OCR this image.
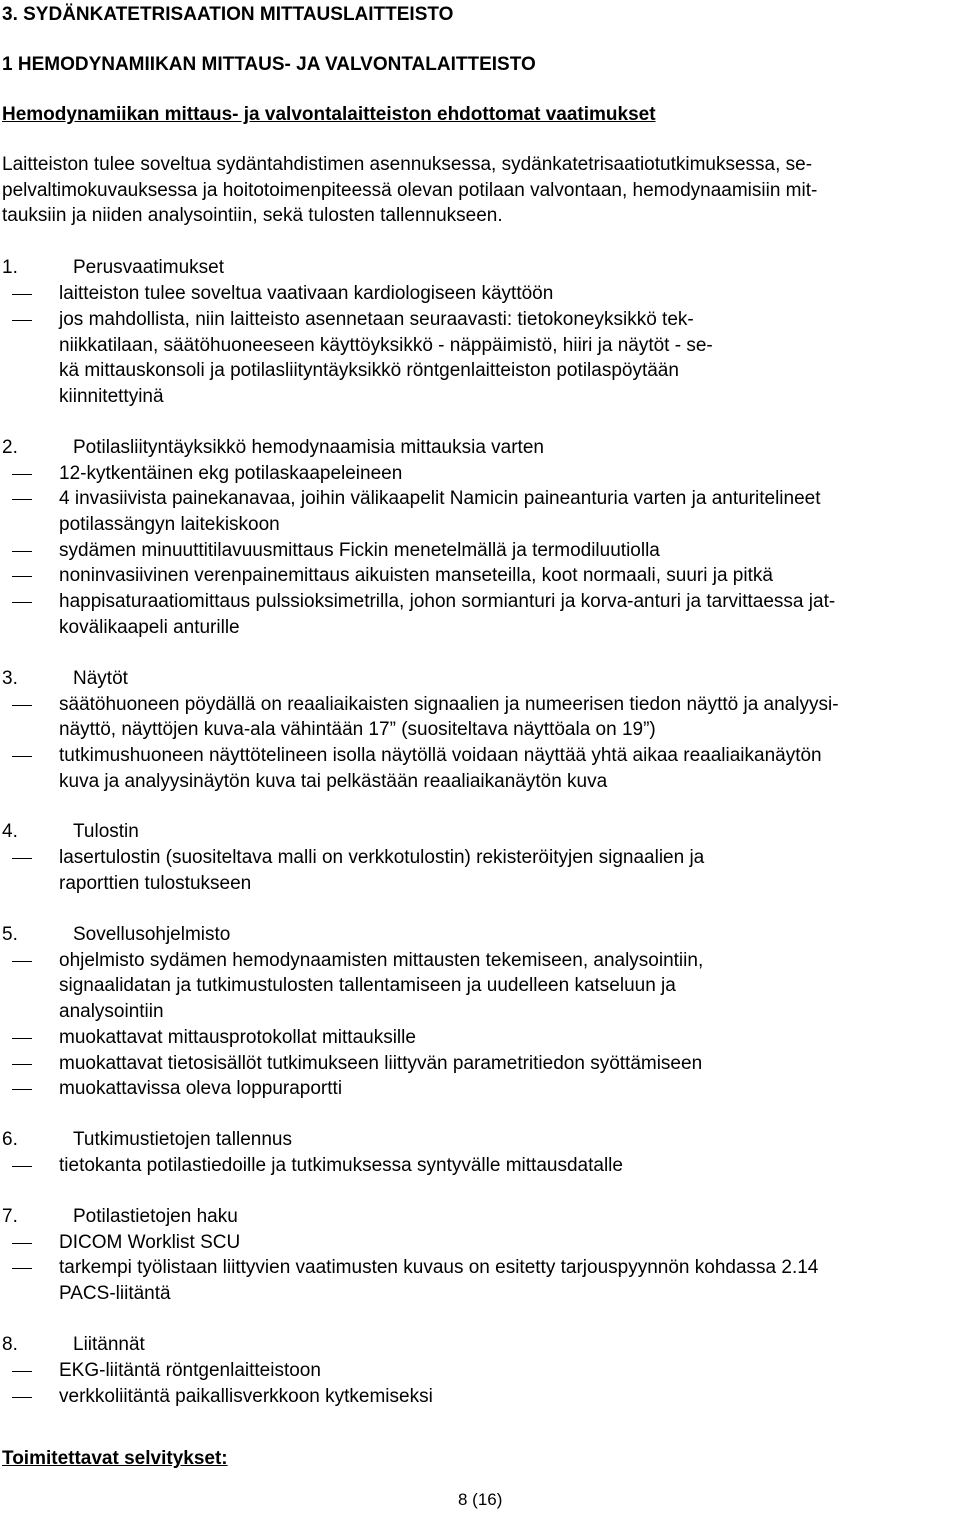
3. SYDÄNKATETRISAATION MITTAUSLAITTEISTO
1 HEMODYNAMIIKAN MITTAUS- JA VALVONTALAITTEISTO
Hemodynamiikan mittaus- ja valvontalaitteiston ehdottomat vaatimukset
Laitteiston tulee soveltua sydäntahdistimen asennuksessa, sydänkatetrisaatiotutkimuksessa, se-
pelvaltimokuvauksessa ja hoitotoimenpiteessä olevan potilaan valvontaan, hemodynaamisiin mit-
tauksiin ja niiden analysointiin, sekä tulosten tallennukseen.
1.	Perusvaatimukset
laitteiston tulee soveltua vaativaan kardiologiseen käyttöön
jos mahdollista, niin laitteisto asennetaan seuraavasti: tietokoneyksikkö tek-
niikkatilaan, säätöhuoneeseen käyttöyksikkö - näppäimistö, hiiri ja näytöt - se-
kä mittauskonsoli ja potilasliityntäyksikkö röntgenlaitteiston potilaspöytään
kiinnitettyinä
2.	Potilasliityntäyksikkö hemodynaamisia mittauksia varten
12-kytkentäinen ekg potilaskaapeleineen
4 invasiivista painekanavaa, joihin välikaapelit Namicin paineanturia varten ja anturitelineet
potilassängyn laitekiskoon
sydämen minuuttitilavuusmittaus Fickin menetelmällä ja termodiluutiolla
noninvasiivinen verenpainemittaus aikuisten manseteilla, koot normaali, suuri ja pitkä
happisaturaatiomittaus pulssioksimetrilla, johon sormianturi ja korva-anturi ja tarvittaessa jat-
kovälikaapeli anturille
3.	Näytöt
säätöhuoneen pöydällä on reaaliaikaisten signaalien ja numeerisen tiedon näyttö ja analyysi-
näyttö, näyttöjen kuva-ala vähintään 17” (suositeltava näyttöala on 19”)
tutkimushuoneen näyttötelineen isolla näytöllä voidaan näyttää yhtä aikaa reaaliaikanäytön
kuva ja analyysinäytön kuva tai pelkästään reaaliaikanäytön kuva
4.	Tulostin
lasertulostin (suositeltava malli on verkkotulostin) rekisteröityjen signaalien ja
raporttien tulostukseen
5.	Sovellusohjelmisto
ohjelmisto sydämen hemodynaamisten mittausten tekemiseen, analysointiin,
signaalidatan ja tutkimustulosten tallentamiseen ja uudelleen katseluun ja
analysointiin
muokattavat mittausprotokollat mittauksille
muokattavat tietosisällöt tutkimukseen liittyvän parametritiedon syöttämiseen
muokattavissa oleva loppuraportti
6.	Tutkimustietojen tallennus
tietokanta potilastiedoille ja tutkimuksessa syntyvälle mittausdatalle
7.	Potilastietojen haku
DICOM Worklist SCU
tarkempi työlistaan liittyvien vaatimusten kuvaus on esitetty tarjouspyynnön kohdassa 2.14
PACS-liitäntä
8.	Liitännät
EKG-liitäntä röntgenlaitteistoon
verkkoliitäntä paikallisverkkoon kytkemiseksi
Toimitettavat selvitykset:
8 (16)
